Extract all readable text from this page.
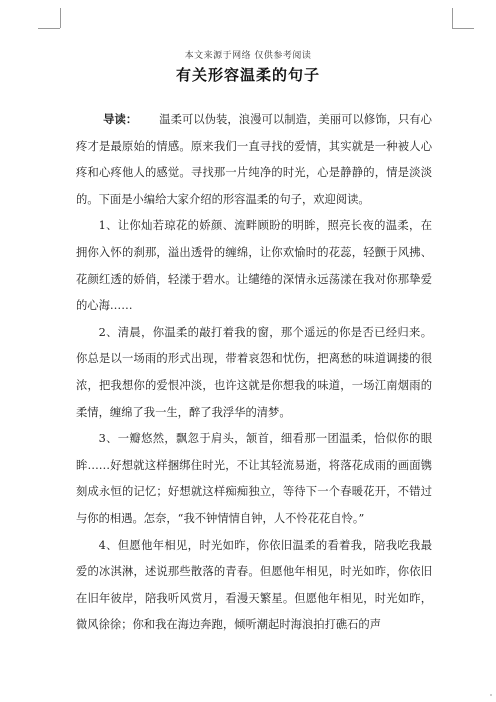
本文来源于网络 仅供参考阅读
有关形容温柔的句子

导读： 温柔可以伪装，浪漫可以制造，美丽可以修饰，只有心疼才是最原始的情感。原来我们一直寻找的爱情，其实就是一种被人心疼和心疼他人的感觉。寻找那一片纯净的时光，心是静静的，情是淡淡的。下面是小编给大家介绍的形容温柔的句子，欢迎阅读。

1、让你灿若琼花的娇颜、流畔顾盼的明眸，照亮长夜的温柔，在拥你入怀的刹那，溢出透骨的缠绵，让你欢愉时的花蕊，轻颤于风拂、花颜红透的娇俏，轻漾于碧水。让缱绻的深情永远荡漾在我对你那挚爱的心海……

2、清晨，你温柔的敲打着我的窗，那个遥远的你是否已经归来。你总是以一场雨的形式出现，带着哀怨和忧伤，把离愁的味道调搂的很浓，把我想你的爱恨冲淡，也许这就是你想我的味道，一场江南烟雨的柔情，缠绵了我一生，醉了我浮华的清梦。

3、一瓣悠然，飘忽于肩头，颔首，细看那一团温柔，恰似你的眼眸……好想就这样捆绑住时光，不让其轻流易逝，将落花成雨的画面镌刻成永恒的记忆；好想就这样痴痴独立，等待下一个春暖花开，不错过与你的相遇。怎奈，“我不钟情情自钟，人不怜花花自怜。”

4、但愿他年相见，时光如昨，你依旧温柔的看着我，陪我吃我最爱的冰淇淋，述说那些散落的青春。但愿他年相见，时光如昨，你依旧在旧年彼岸，陪我听风赏月，看漫天繁星。但愿他年相见，时光如昨，微风徐徐；你和我在海边奔跑，倾听潮起时海浪拍打礁石的声
